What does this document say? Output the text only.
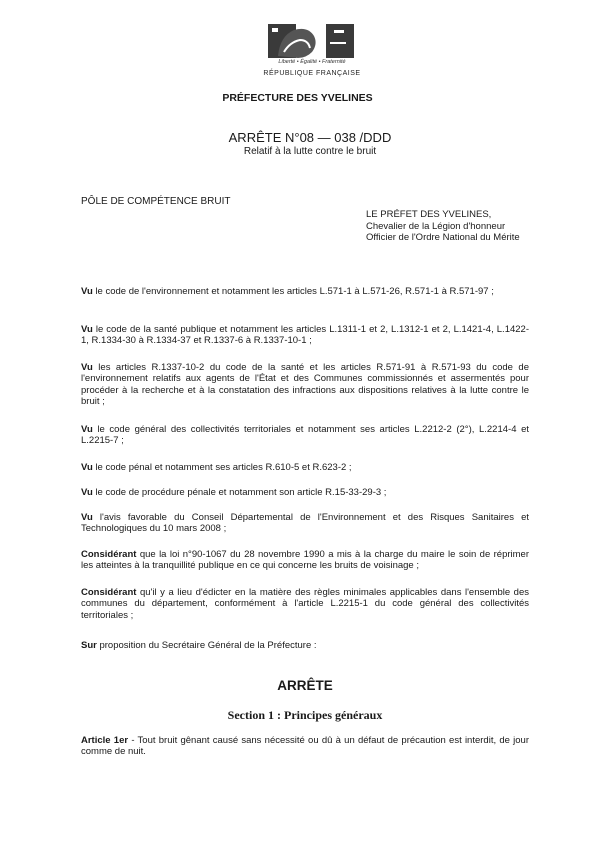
Liberté • Égalité • Fraternité
RÉPUBLIQUE FRANÇAISE
PRÉFECTURE DES YVELINES
ARRÊTE N°08 — 038 /DDD
Relatif à la lutte contre le bruit
PÔLE DE COMPÉTENCE BRUIT
LE PRÉFET DES YVELINES,
Chevalier de la Légion d'honneur
Officier de l'Ordre National du Mérite
Vu le code de l'environnement et notamment les articles L.571-1 à L.571-26, R.571-1 à R.571-97 ;
Vu le code de la santé publique et notamment les articles L.1311-1 et 2, L.1312-1 et 2, L.1421-4, L.1422-1, R.1334-30 à R.1334-37 et R.1337-6 à R.1337-10-1 ;
Vu les articles R.1337-10-2 du code de la santé et les articles R.571-91 à R.571-93 du code de l'environnement relatifs aux agents de l'État et des Communes commissionnés et assermentés pour procéder à la recherche et à la constatation des infractions aux dispositions relatives à la lutte contre le bruit ;
Vu le code général des collectivités territoriales et notamment ses articles L.2212-2 (2°), L.2214-4 et L.2215-7 ;
Vu le code pénal et notamment ses articles R.610-5 et R.623-2 ;
Vu le code de procédure pénale et notamment son article R.15-33-29-3 ;
Vu l'avis favorable du Conseil Départemental de l'Environnement et des Risques Sanitaires et Technologiques du 10 mars 2008 ;
Considérant que la loi n°90-1067 du 28 novembre 1990 a mis à la charge du maire le soin de réprimer les atteintes à la tranquillité publique en ce qui concerne les bruits de voisinage ;
Considérant qu'il y a lieu d'édicter en la matière des règles minimales applicables dans l'ensemble des communes du département, conformément à l'article L.2215-1 du code général des collectivités territoriales ;
Sur proposition du Secrétaire Général de la Préfecture :
ARRÊTE
Section 1 : Principes généraux
Article 1er - Tout bruit gênant causé sans nécessité ou dû à un défaut de précaution est interdit, de jour comme de nuit.
